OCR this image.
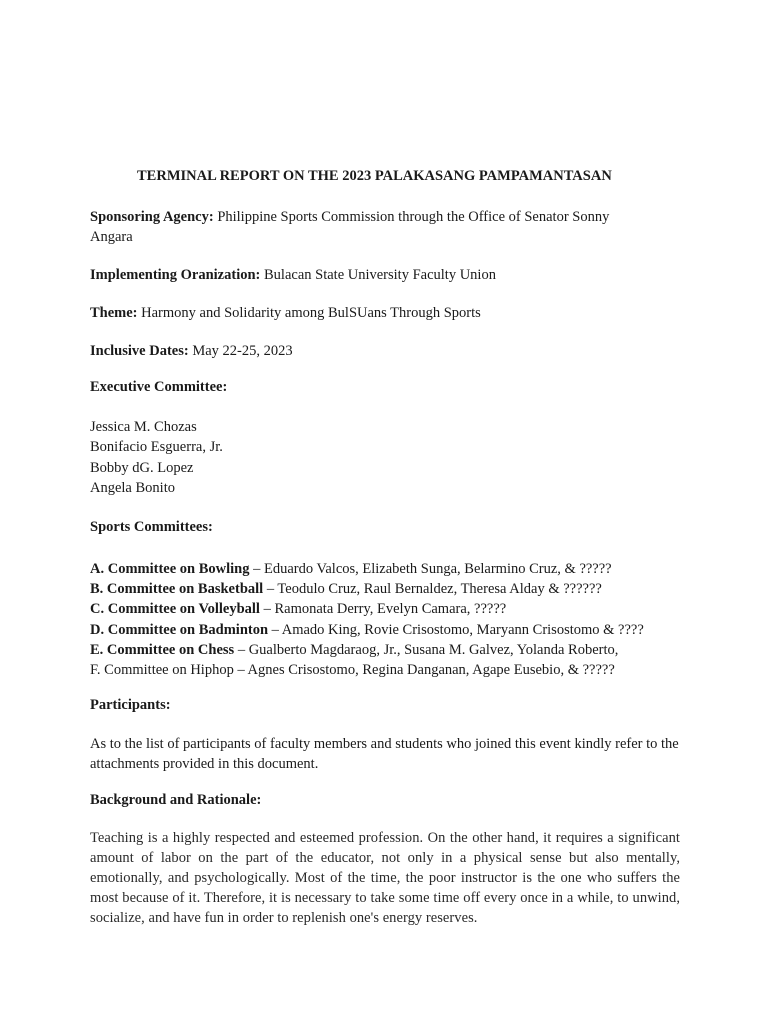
TERMINAL REPORT ON THE 2023 PALAKASANG PAMPAMANTASAN

Sponsoring Agency: Philippine Sports Commission through the Office of Senator Sonny Angara

Implementing Oranization: Bulacan State University Faculty Union

Theme: Harmony and Solidarity among BulSUans Through Sports

Inclusive Dates: May 22-25, 2023

Executive Committee:
Jessica M. Chozas
Bonifacio Esguerra, Jr.
Bobby dG. Lopez
Angela Bonito
Sports Committees:
A. Committee on Bowling – Eduardo Valcos, Elizabeth Sunga, Belarmino Cruz, & ?????
B. Committee on Basketball – Teodulo Cruz, Raul Bernaldez, Theresa Alday & ??????
C. Committee on Volleyball – Ramonata Derry, Evelyn Camara, ?????
D. Committee on Badminton – Amado King, Rovie Crisostomo, Maryann Crisostomo & ????
E. Committee on Chess – Gualberto Magdaraog, Jr., Susana M. Galvez, Yolanda Roberto,
F. Committee on Hiphop – Agnes Crisostomo, Regina Danganan, Agape Eusebio, & ?????
Participants:

As to the list of participants of faculty members and students who joined this event kindly refer to the attachments provided in this document.

Background and Rationale:

Teaching is a highly respected and esteemed profession. On the other hand, it requires a significant amount of labor on the part of the educator, not only in a physical sense but also mentally, emotionally, and psychologically. Most of the time, the poor instructor is the one who suffers the most because of it. Therefore, it is necessary to take some time off every once in a while, to unwind, socialize, and have fun in order to replenish one's energy reserves.
